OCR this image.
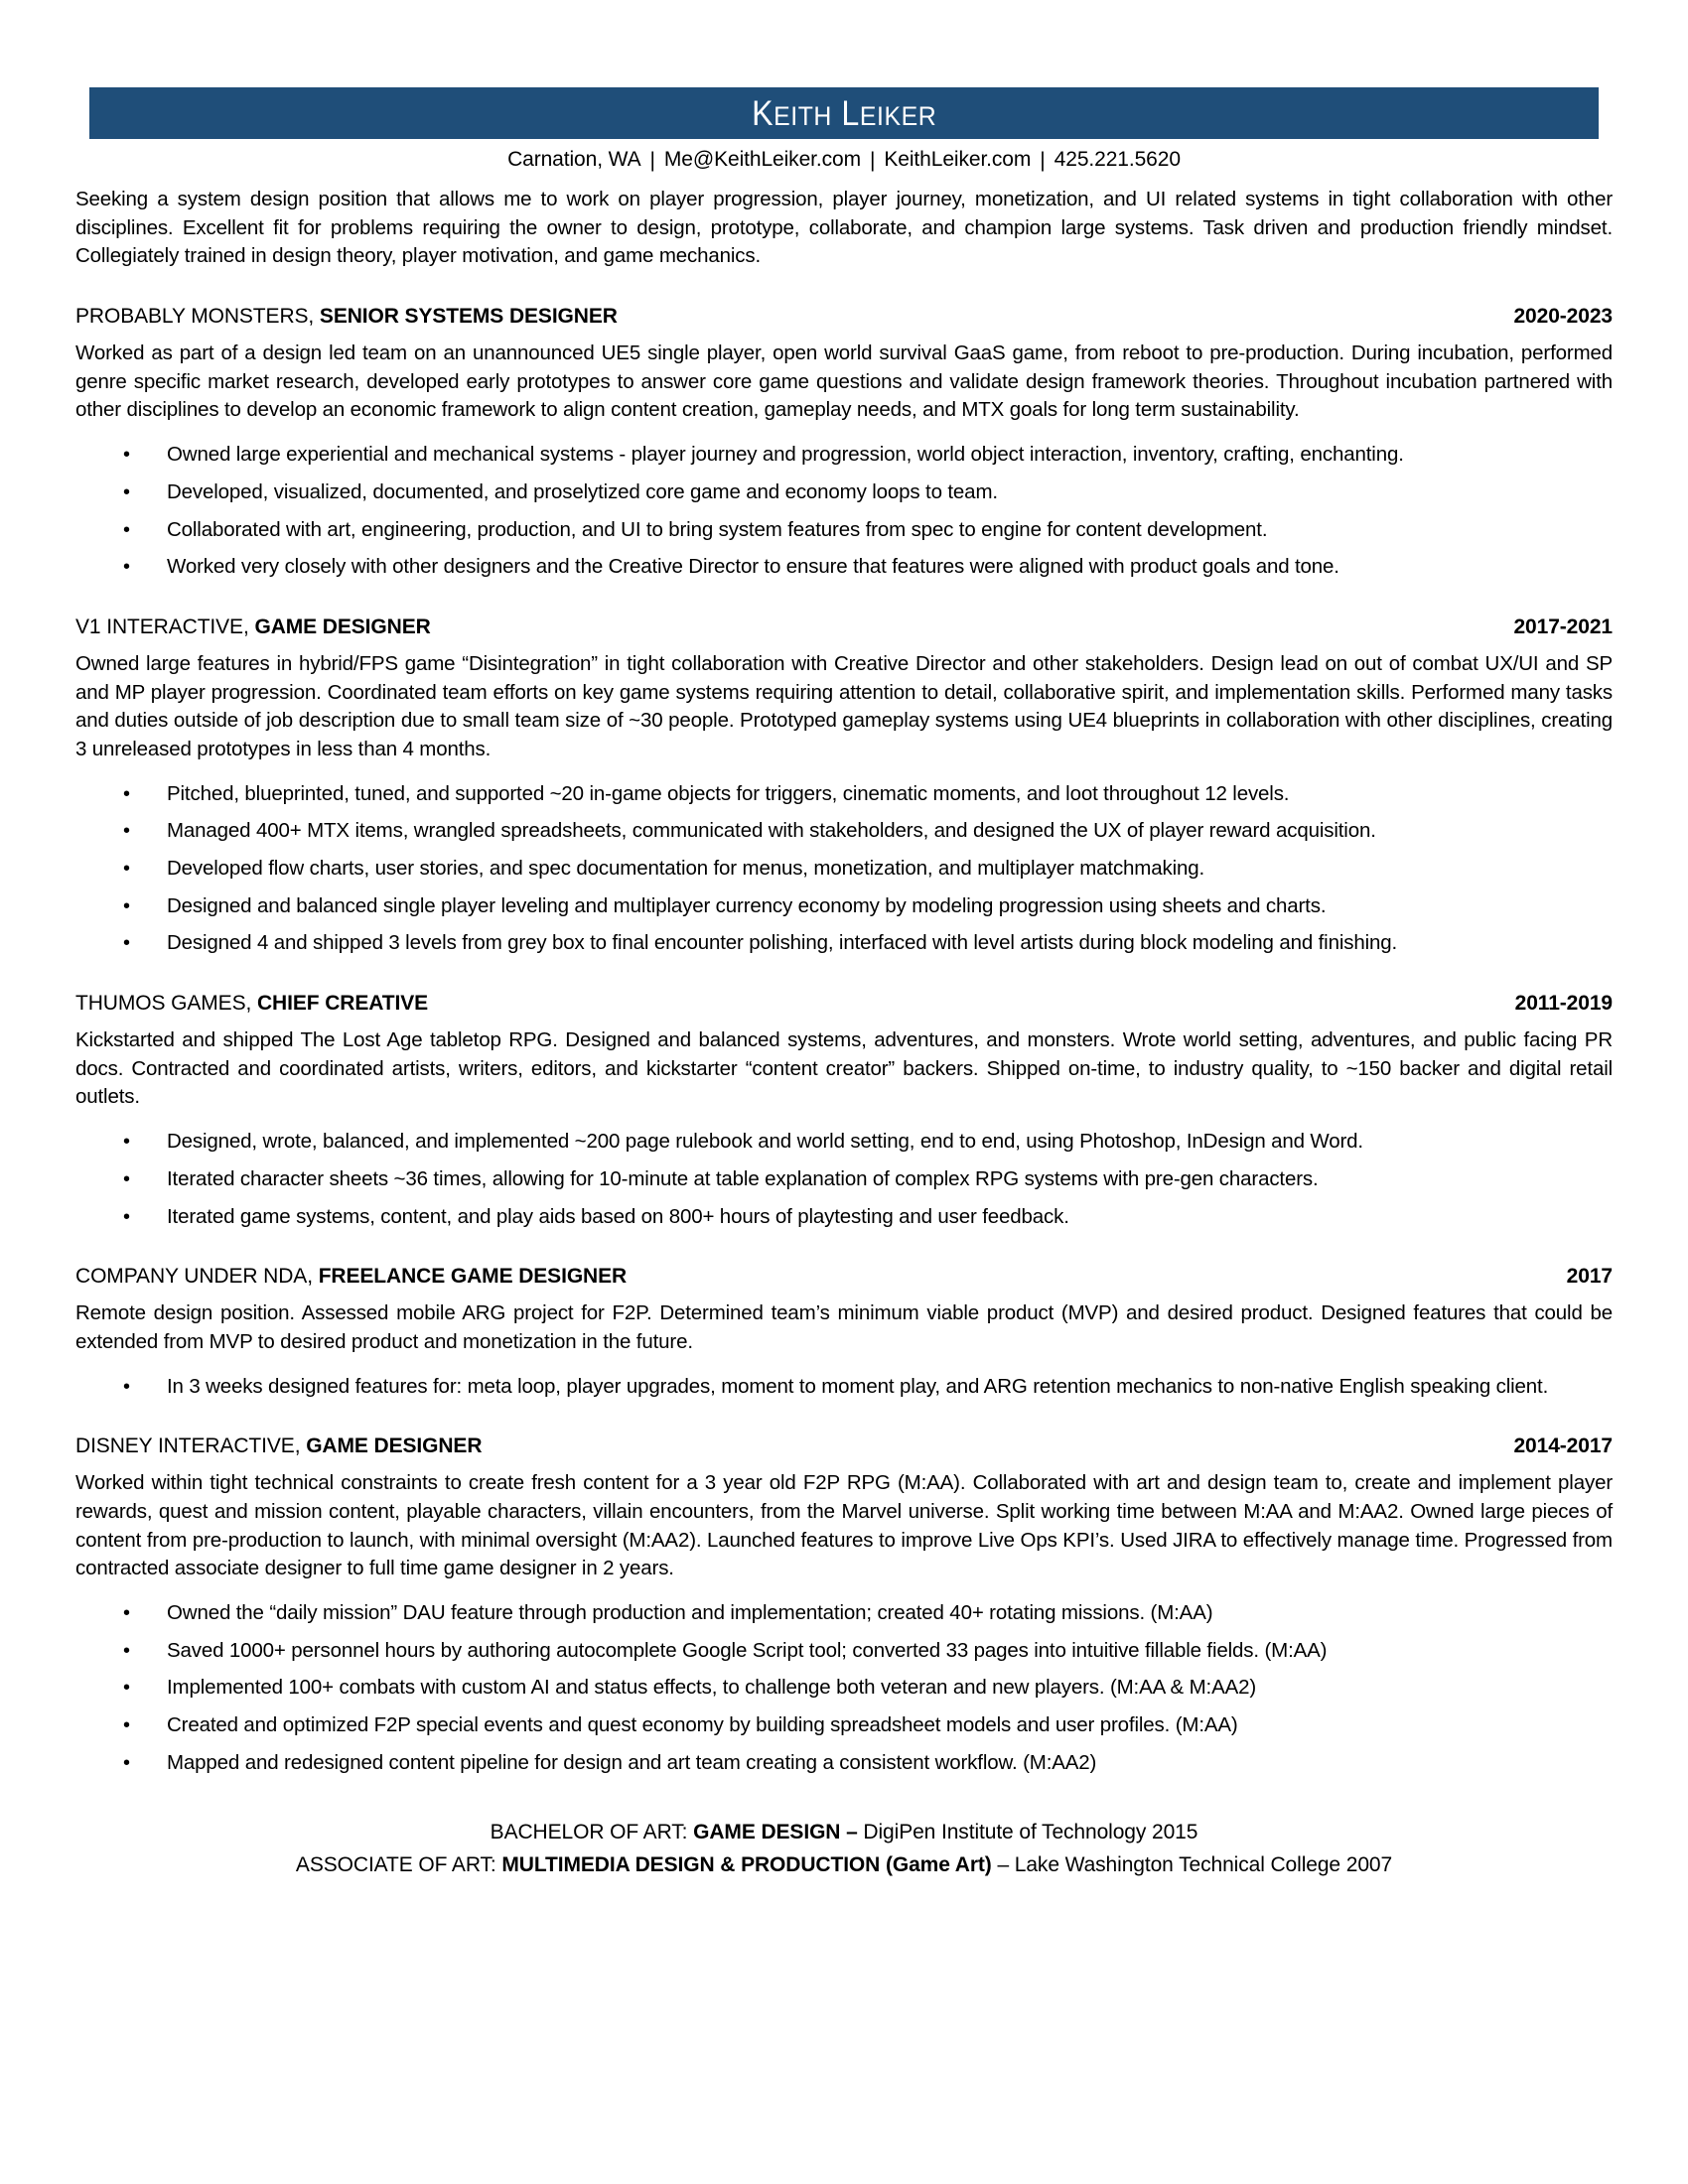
KEITH LEIKER
Carnation, WA | Me@KeithLeiker.com | KeithLeiker.com | 425.221.5620
Seeking a system design position that allows me to work on player progression, player journey, monetization, and UI related systems in tight collaboration with other disciplines. Excellent fit for problems requiring the owner to design, prototype, collaborate, and champion large systems. Task driven and production friendly mindset. Collegiately trained in design theory, player motivation, and game mechanics.
PROBABLY MONSTERS, SENIOR SYSTEMS DESIGNER	2020-2023
Worked as part of a design led team on an unannounced UE5 single player, open world survival GaaS game, from reboot to pre-production. During incubation, performed genre specific market research, developed early prototypes to answer core game questions and validate design framework theories. Throughout incubation partnered with other disciplines to develop an economic framework to align content creation, gameplay needs, and MTX goals for long term sustainability.
• Owned large experiential and mechanical systems - player journey and progression, world object interaction, inventory, crafting, enchanting.
• Developed, visualized, documented, and proselytized core game and economy loops to team.
• Collaborated with art, engineering, production, and UI to bring system features from spec to engine for content development.
• Worked very closely with other designers and the Creative Director to ensure that features were aligned with product goals and tone.
V1 INTERACTIVE, GAME DESIGNER	2017-2021
Owned large features in hybrid/FPS game “Disintegration” in tight collaboration with Creative Director and other stakeholders. Design lead on out of combat UX/UI and SP and MP player progression. Coordinated team efforts on key game systems requiring attention to detail, collaborative spirit, and implementation skills. Performed many tasks and duties outside of job description due to small team size of ~30 people. Prototyped gameplay systems using UE4 blueprints in collaboration with other disciplines, creating 3 unreleased prototypes in less than 4 months.
• Pitched, blueprinted, tuned, and supported ~20 in-game objects for triggers, cinematic moments, and loot throughout 12 levels.
• Managed 400+ MTX items, wrangled spreadsheets, communicated with stakeholders, and designed the UX of player reward acquisition.
• Developed flow charts, user stories, and spec documentation for menus, monetization, and multiplayer matchmaking.
• Designed and balanced single player leveling and multiplayer currency economy by modeling progression using sheets and charts.
• Designed 4 and shipped 3 levels from grey box to final encounter polishing, interfaced with level artists during block modeling and finishing.
THUMOS GAMES, CHIEF CREATIVE	2011-2019
Kickstarted and shipped The Lost Age tabletop RPG. Designed and balanced systems, adventures, and monsters. Wrote world setting, adventures, and public facing PR docs. Contracted and coordinated artists, writers, editors, and kickstarter “content creator” backers. Shipped on-time, to industry quality, to ~150 backer and digital retail outlets.
• Designed, wrote, balanced, and implemented ~200 page rulebook and world setting, end to end, using Photoshop, InDesign and Word.
• Iterated character sheets ~36 times, allowing for 10-minute at table explanation of complex RPG systems with pre-gen characters.
• Iterated game systems, content, and play aids based on 800+ hours of playtesting and user feedback.
COMPANY UNDER NDA, FREELANCE GAME DESIGNER	2017
Remote design position. Assessed mobile ARG project for F2P. Determined team’s minimum viable product (MVP) and desired product. Designed features that could be extended from MVP to desired product and monetization in the future.
• In 3 weeks designed features for: meta loop, player upgrades, moment to moment play, and ARG retention mechanics to non-native English speaking client.
DISNEY INTERACTIVE, GAME DESIGNER	2014-2017
Worked within tight technical constraints to create fresh content for a 3 year old F2P RPG (M:AA). Collaborated with art and design team to, create and implement player rewards, quest and mission content, playable characters, villain encounters, from the Marvel universe. Split working time between M:AA and M:AA2. Owned large pieces of content from pre-production to launch, with minimal oversight (M:AA2). Launched features to improve Live Ops KPI’s. Used JIRA to effectively manage time. Progressed from contracted associate designer to full time game designer in 2 years.
• Owned the “daily mission” DAU feature through production and implementation; created 40+ rotating missions. (M:AA)
• Saved 1000+ personnel hours by authoring autocomplete Google Script tool; converted 33 pages into intuitive fillable fields. (M:AA)
• Implemented 100+ combats with custom AI and status effects, to challenge both veteran and new players. (M:AA & M:AA2)
• Created and optimized F2P special events and quest economy by building spreadsheet models and user profiles. (M:AA)
• Mapped and redesigned content pipeline for design and art team creating a consistent workflow. (M:AA2)
BACHELOR OF ART: GAME DESIGN – DigiPen Institute of Technology 2015
ASSOCIATE OF ART: MULTIMEDIA DESIGN & PRODUCTION (Game Art) – Lake Washington Technical College 2007
